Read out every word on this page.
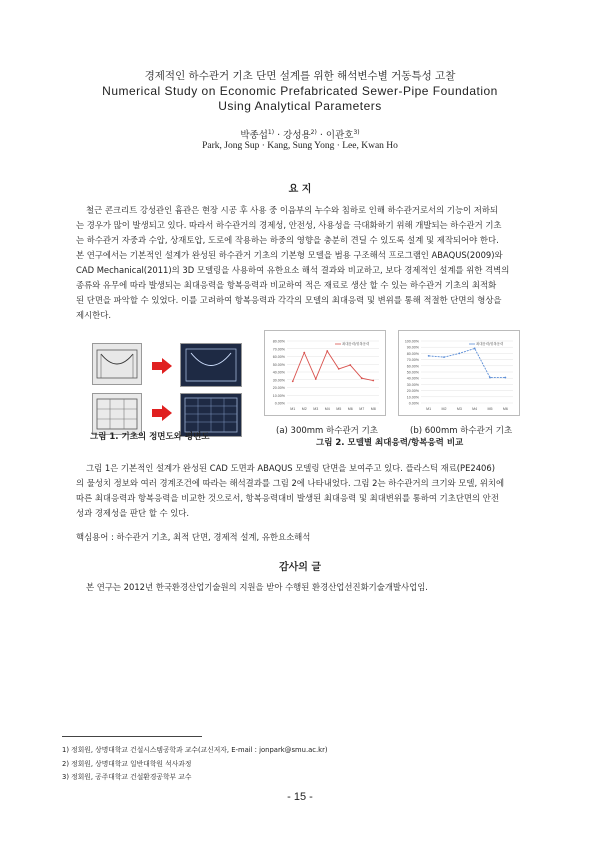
경제적인 하수관거 기초 단면 설계를 위한 해석변수별 거동특성 고찰
Numerical Study on Economic Prefabricated Sewer-Pipe Foundation
Using Analytical Parameters
박종섭$^{1)}$ · 강성용$^{2)}$ · 이관호$^{3)}$
Park, Jong Sup · Kang, Sung Yong · Lee, Kwan Ho
요 지
철근 콘크리트 강성관인 흄관은 현장 시공 후 사용 중 이음부의 누수와 침하로 인해 하수관거로서의 기능이 저하되
는 경우가 많이 발생되고 있다. 따라서 하수관거의 경제성, 안전성, 사용성을 극대화하기 위해 개발되는 하수관거 기초
는 하수관거 자중과 수압, 상재토압, 도로에 작용하는 하중의 영향을 충분히 견딜 수 있도록 설계 및 제작되어야 한다.
본 연구에서는 기본적인 설계가 완성된 하수관거 기초의 기본형 모델을 범용 구조해석 프로그램인 ABAQUS(2009)와
CAD Mechanical(2011)의 3D 모델링을 사용하여 유한요소 해석 결과와 비교하고, 보다 경제적인 설계를 위한 격벽의
종류와 유무에 따라 발생되는 최대응력을 항복응력과 비교하여 적은 재료로 생산 할 수 있는 하수관거 기초의 최적화
된 단면을 파악할 수 있었다. 이를 고려하여 항복응력과 각각의 모델의 최대응력 및 변위를 통해 적절한 단면의 형상을
제시한다.
그림 1. 기초의 정면도와 평면도
0.00%
10.00%
20.00%
30.00%
40.00%
50.00%
60.00%
70.00%
80.00%
M1 M2 M3 M4 M5 M6 M7 M8
최대응력/항복응력
0.00%
10.00%
20.00%
30.00%
40.00%
50.00%
60.00%
70.00%
80.00%
90.00%
100.00%
M1	M2	M3	M4	M5	M6
최대응력/항복응력
(a) 300mm 하수관거 기초	(b) 600mm 하수관거 기초
그림 2. 모델별 최대응력/항복응력 비교
그림 1은 기본적인 설계가 완성된 CAD 도면과 ABAQUS 모델링 단면을 보여주고 있다. 플라스틱 재료(PE2406)
의 물성치 정보와 여러 경계조건에 따라는 해석결과를 그림 2에 나타내었다. 그림 2는 하수관거의 크기와 모델, 위치에
따른 최대응력과 항복응력을 비교한 것으로서, 항복응력대비 발생된 최대응력 및 최대변위를 통하여 기초단면의 안전
성과 경제성을 판단 할 수 있다.
핵심용어 : 하수관거 기초, 최적 단면, 경제적 설계, 유한요소해석
감사의 글
본 연구는 2012년 한국환경산업기술원의 지원을 받아 수행된 환경산업선진화기술개발사업임.
1) 정회원, 상명대학교 건설시스템공학과 교수(교신저자, E-mail : jonpark@smu.ac.kr)
2) 정회원, 상명대학교 일반대학원 석사과정
3) 정회원, 공주대학교 건설환경공학부 교수
- 15 -
